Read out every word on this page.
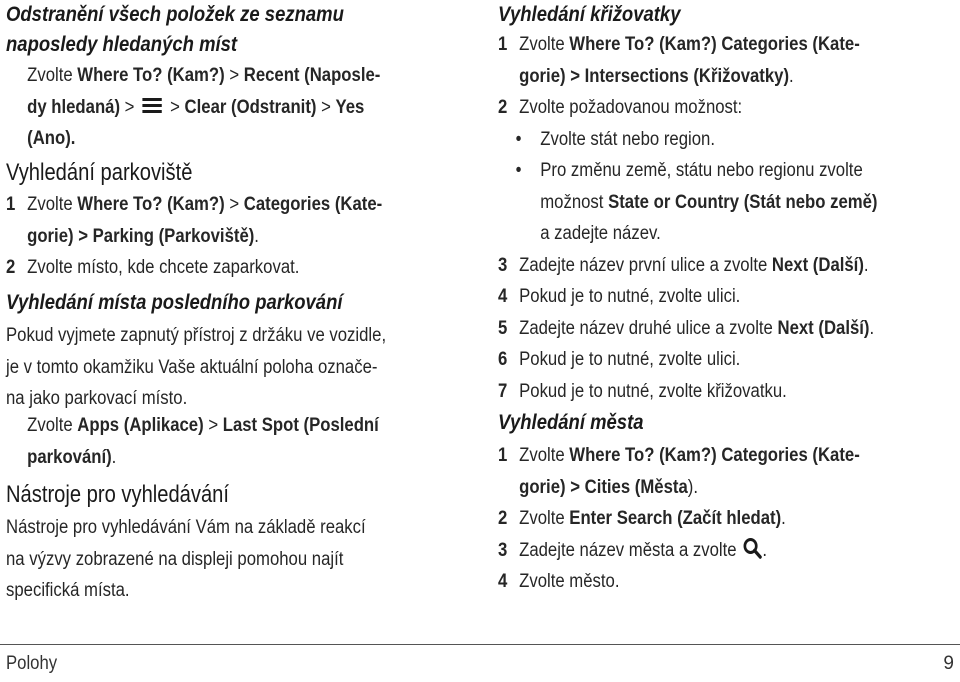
Odstranění všech položek ze seznamu
naposledy hledaných míst
Zvolte Where To? (Kam?) > Recent (Naposle-
dy hledaná) >
> Clear (Odstranit) > Yes
(Ano).
Vyhledání parkoviště
1 Zvolte Where To? (Kam?) > Categories (Kate-
gorie) > Parking (Parkoviště).
2 Zvolte místo, kde chcete zaparkovat.
Vyhledání místa posledního parkování
Pokud vyjmete zapnutý přístroj z držáku ve vozidle,
je v tomto okamžiku Vaše aktuální poloha označe-
na jako parkovací místo.
Zvolte Apps (Aplikace) > Last Spot (Poslední
parkování).
Nástroje pro vyhledávání
Nástroje pro vyhledávání Vám na základě reakcí
na výzvy zobrazené na displeji pomohou najít
specifická místa.
Vyhledání křižovatky
1 Zvolte Where To? (Kam?) Categories (Kate-
gorie) > Intersections (Křižovatky).
2 Zvolte požadovanou možnost:
• Zvolte stát nebo region.
• Pro změnu země, státu nebo regionu zvolte
možnost State or Country (Stát nebo země)
a zadejte název.
3 Zadejte název první ulice a zvolte Next (Další).
4 Pokud je to nutné, zvolte ulici.
5 Zadejte název druhé ulice a zvolte Next (Další).
6 Pokud je to nutné, zvolte ulici.
7 Pokud je to nutné, zvolte křižovatku.
Vyhledání města
1 Zvolte Where To? (Kam?) Categories (Kate-
gorie) > Cities (Města).
2 Zvolte Enter Search (Začít hledat).
3 Zadejte název města a zvolte
.
4 Zvolte město.
Polohy	9
